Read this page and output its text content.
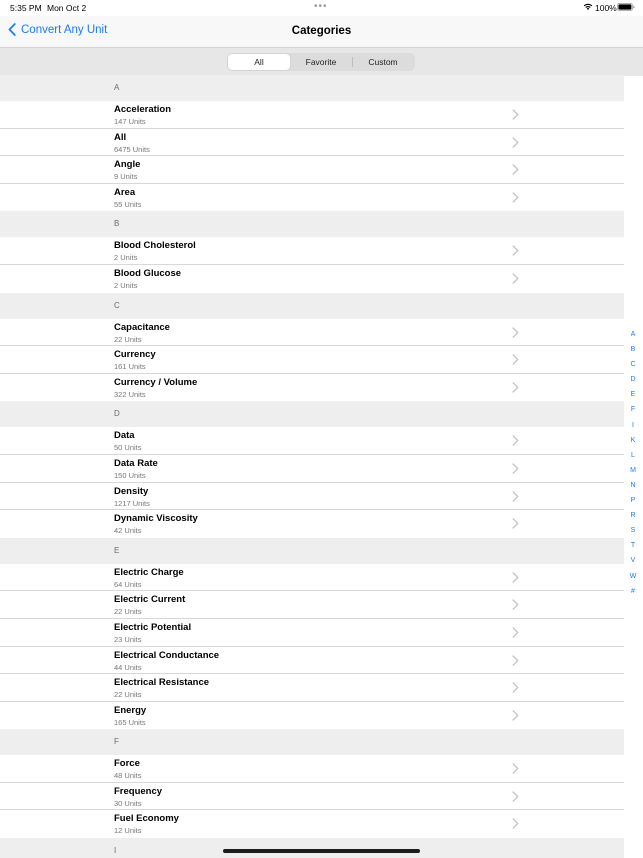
5:35 PM Mon Oct 2	•••	100%
Convert Any Unit	Categories
All	Favorite	Custom
A
Acceleration
147 Units
All
6475 Units
Angle
9 Units
Area
55 Units
B
Blood Cholesterol
2 Units
Blood Glucose
2 Units
C
Capacitance
22 Units
Currency
161 Units
Currency / Volume
322 Units
D
Data
50 Units
Data Rate
150 Units
Density
1217 Units
Dynamic Viscosity
42 Units
E
Electric Charge
64 Units
Electric Current
22 Units
Electric Potential
23 Units
Electrical Conductance
44 Units
Electrical Resistance
22 Units
Energy
165 Units
F
Force
48 Units
Frequency
30 Units
Fuel Economy
12 Units
I
A
B
C
D
E
F
I
K
L
M
N
P
R
S
T
V
W
#
